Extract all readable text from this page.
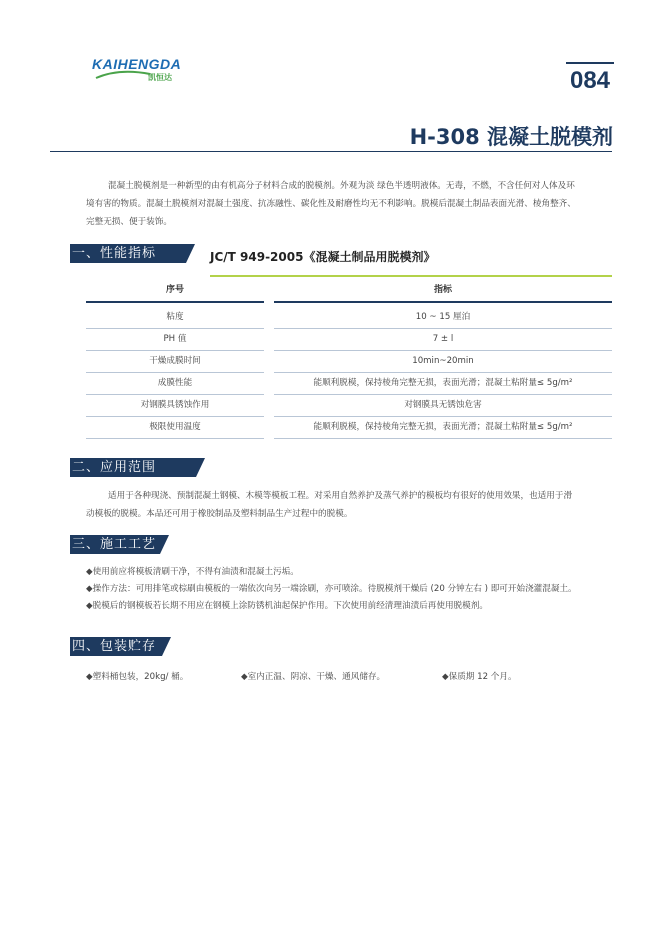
KAIHENGDA
凯恒达	084
H-308 混凝土脱模剂
混凝土脱模剂是一种新型的由有机高分子材料合成的脱模剂。外观为淡 绿色半透明液体。无毒，不燃，不含任何对人体及环
境有害的物质。混凝土脱模剂对混凝土强度、抗冻融性、碳化性及耐磨性均无不利影响。脱模后混凝土制品表面光滑、棱角整齐、
完整无损、便于装饰。
一、性能指标	JC/T 949-2005《混凝土制品用脱模剂》
序号	指标
粘度	10 ~ 15 厘泊
PH 值	7 ± l
干燥成膜时间	10min~20min
成膜性能	能顺利脱模，保持棱角完整无损，表面光滑；混凝土粘附量≤ 5g/m²
对钢膜具锈蚀作用	对钢膜具无锈蚀危害
极限使用温度	能顺利脱模，保持棱角完整无损，表面光滑；混凝土粘附量≤ 5g/m²
二、应用范围
适用于各种现浇、预制混凝土钢模、木模等模板工程。对采用自然养护及蒸气养护的模板均有很好的使用效果，也适用于滑
动模板的脱模。本品还可用于橡胶制品及塑料制品生产过程中的脱模。
三、施工工艺
◆使用前应将模板清刷干净，不得有油渍和混凝土污垢。
◆操作方法：可用排笔或棕刷由模板的一端依次向另一端涂刷，亦可喷涂。待脱模剂干燥后 (20 分钟左右 ) 即可开始浇灌混凝土。
◆脱模后的钢模板若长期不用应在钢模上涂防锈机油起保护作用。下次使用前经清理油渍后再使用脱模剂。
四、包装贮存
◆塑料桶包装，20kg/ 桶。	◆室内正温、阴凉、干燥、通风储存。	◆保质期 12 个月。
